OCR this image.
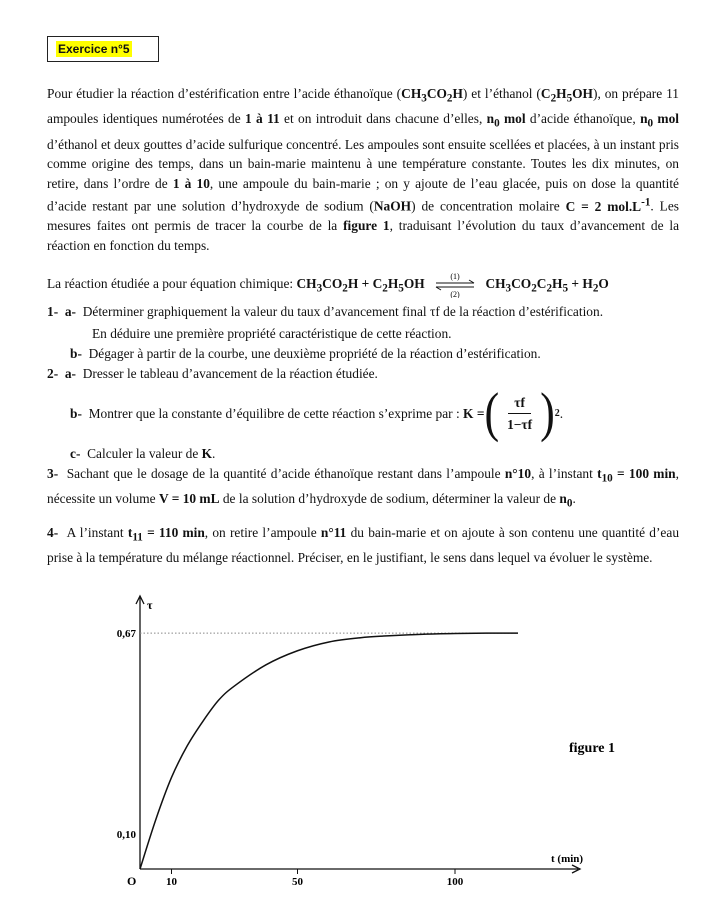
Exercice n°5

Pour étudier la réaction d’estérification entre l’acide éthanoïque $(CH_3CO_2H)$ et l’éthanol $(C_2H_5OH)$, on prépare 11 ampoules identiques numérotées de 1 à 11 et on introduit dans chacune d’elles, $n_0$ mol d’acide éthanoïque, $n_0$ mol d’éthanol et deux gouttes d’acide sulfurique concentré. Les ampoules sont ensuite scellées et placées, à un instant pris comme origine des temps, dans un bain-marie maintenu à une température constante. Toutes les dix minutes, on retire, dans l’ordre de 1 à 10, une ampoule du bain-marie ; on y ajoute de l’eau glacée, puis on dose la quantité d’acide restant par une solution d’hydroxyde de sodium (NaOH) de concentration molaire C = 2 $mol.L^{-1}$. Les mesures faites ont permis de tracer la courbe de la figure 1, traduisant l’évolution du taux d’avancement de la réaction en fonction du temps.

La réaction étudiée a pour équation chimique: $CH_3CO_2H + C_2H_5OH$	(1)
(2)
$CH_3CO_2C_2H_5 + H_2O$

1- a- Déterminer graphiquement la valeur du taux d’avancement final τf de la réaction d’estérification.

En déduire une première propriété caractéristique de cette réaction.

b- Dégager à partir de la courbe, une deuxième propriété de la réaction d’estérification.

2- a- Dresser le tableau d’avancement de la réaction étudiée.

b-
Montrer que la constante d’équilibre de cette réaction s’exprime par :
K = ( $\frac{\tau f}{1-\tau f}$ ) 2 .

c- Calculer la valeur de K.

3- Sachant que le dosage de la quantité d’acide éthanoïque restant dans l’ampoule n°10, à l’instant $t_{10} = 100$ min, nécessite un volume V = 10 mL de la solution d’hydroxyde de sodium, déterminer la valeur de $n_0$.

4- A l’instant $t_{11} = 110$ min, on retire l’ampoule n°11 du bain-marie et on ajoute à son contenu une quantité d’eau prise à la température du mélange réactionnel. Préciser, en le justifiant, le sens dans lequel va évoluer le système.

τ
t (min)
O
figure 1
10	50	100
0,10
0,67
